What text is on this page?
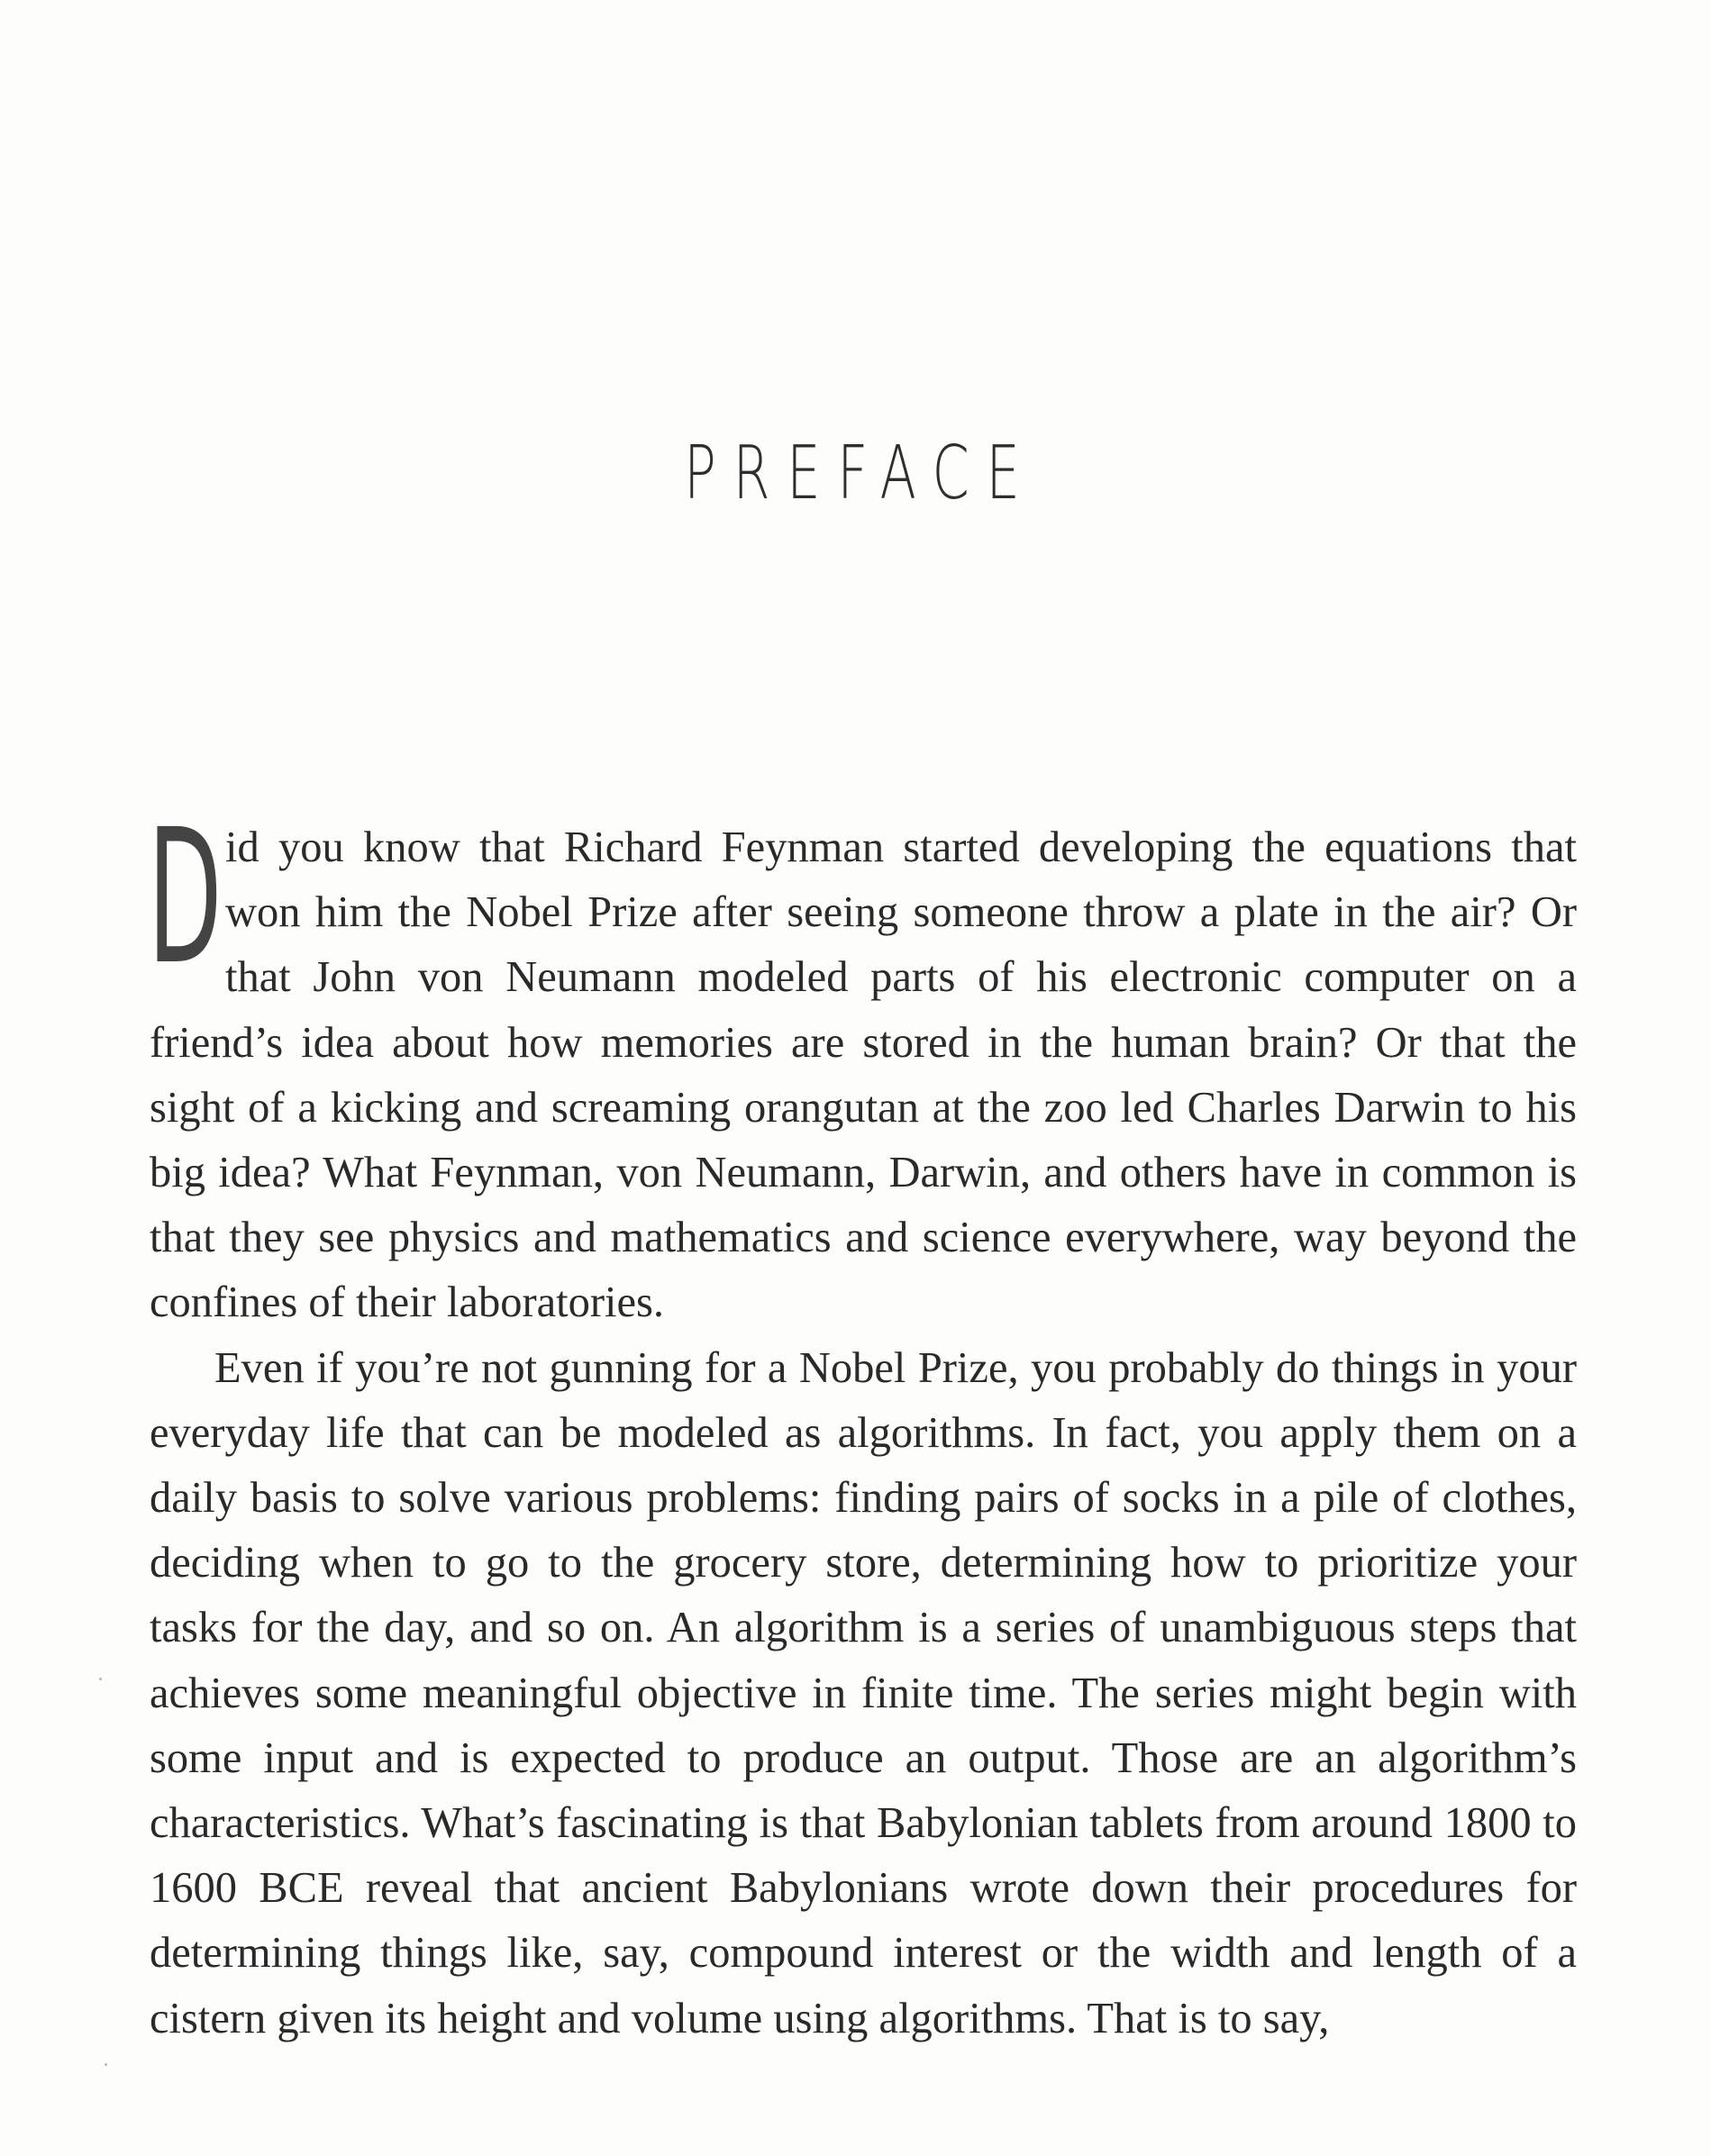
PREFACE

Did you know that Richard Feynman started developing the equations that won him the Nobel Prize after seeing someone throw a plate in the air? Or that John von Neumann modeled parts of his electronic computer on a friend’s idea about how memories are stored in the human brain? Or that the sight of a kicking and screaming orangutan at the zoo led Charles Darwin to his big idea? What Feynman, von Neumann, Darwin, and others have in common is that they see physics and mathematics and science everywhere, way beyond the confines of their laboratories.

Even if you’re not gunning for a Nobel Prize, you probably do things in your everyday life that can be modeled as algorithms. In fact, you apply them on a daily basis to solve various problems: finding pairs of socks in a pile of clothes, deciding when to go to the grocery store, determining how to prioritize your tasks for the day, and so on. An algorithm is a series of unambiguous steps that achieves some meaningful objective in finite time. The series might begin with some input and is expected to produce an output. Those are an algorithm’s characteristics. What’s fascinating is that Babylonian tablets from around 1800 to 1600 BCE reveal that ancient Babylonians wrote down their procedures for determining things like, say, compound interest or the width and length of a cistern given its height and volume using algorithms. That is to say,
